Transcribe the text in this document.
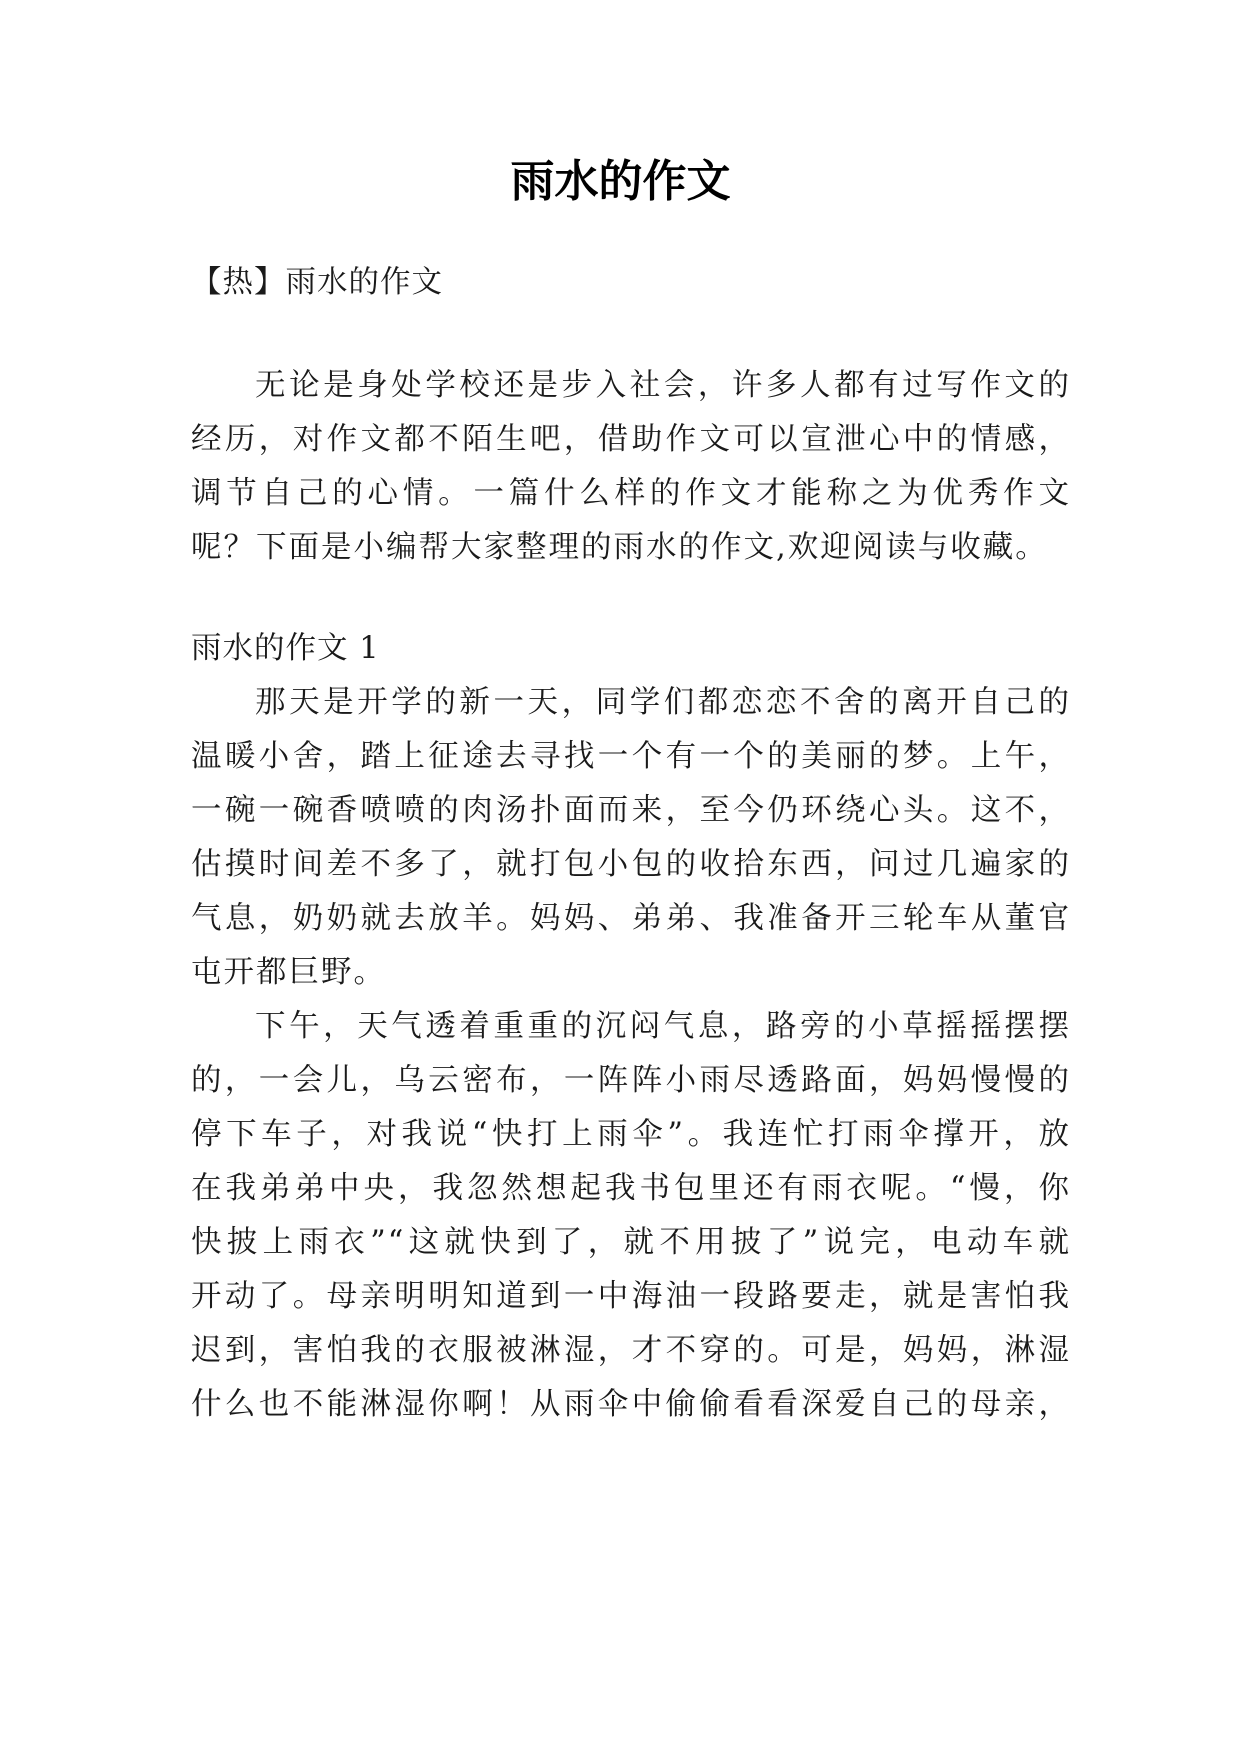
雨水的作文

【热】雨水的作文

无论是身处学校还是步入社会，许多人都有过写作文的

经历，对作文都不陌生吧，借助作文可以宣泄心中的情感，

调节自己的心情。一篇什么样的作文才能称之为优秀作文

呢？下面是小编帮大家整理的雨水的作文,欢迎阅读与收藏。

雨水的作文 1

那天是开学的新一天，同学们都恋恋不舍的离开自己的

温暖小舍，踏上征途去寻找一个有一个的美丽的梦。上午，

一碗一碗香喷喷的肉汤扑面而来，至今仍环绕心头。这不，

估摸时间差不多了，就打包小包的收拾东西，问过几遍家的

气息，奶奶就去放羊。妈妈、弟弟、我准备开三轮车从董官

屯开都巨野。

下午，天气透着重重的沉闷气息，路旁的小草摇摇摆摆

的，一会儿，乌云密布，一阵阵小雨尽透路面，妈妈慢慢的

停下车子，对我说“快打上雨伞”。我连忙打雨伞撑开，放

在我弟弟中央，我忽然想起我书包里还有雨衣呢。“慢，你

快披上雨衣”“这就快到了，就不用披了”说完，电动车就

开动了。母亲明明知道到一中海油一段路要走，就是害怕我

迟到，害怕我的衣服被淋湿，才不穿的。可是，妈妈，淋湿

什么也不能淋湿你啊！从雨伞中偷偷看看深爱自己的母亲，
